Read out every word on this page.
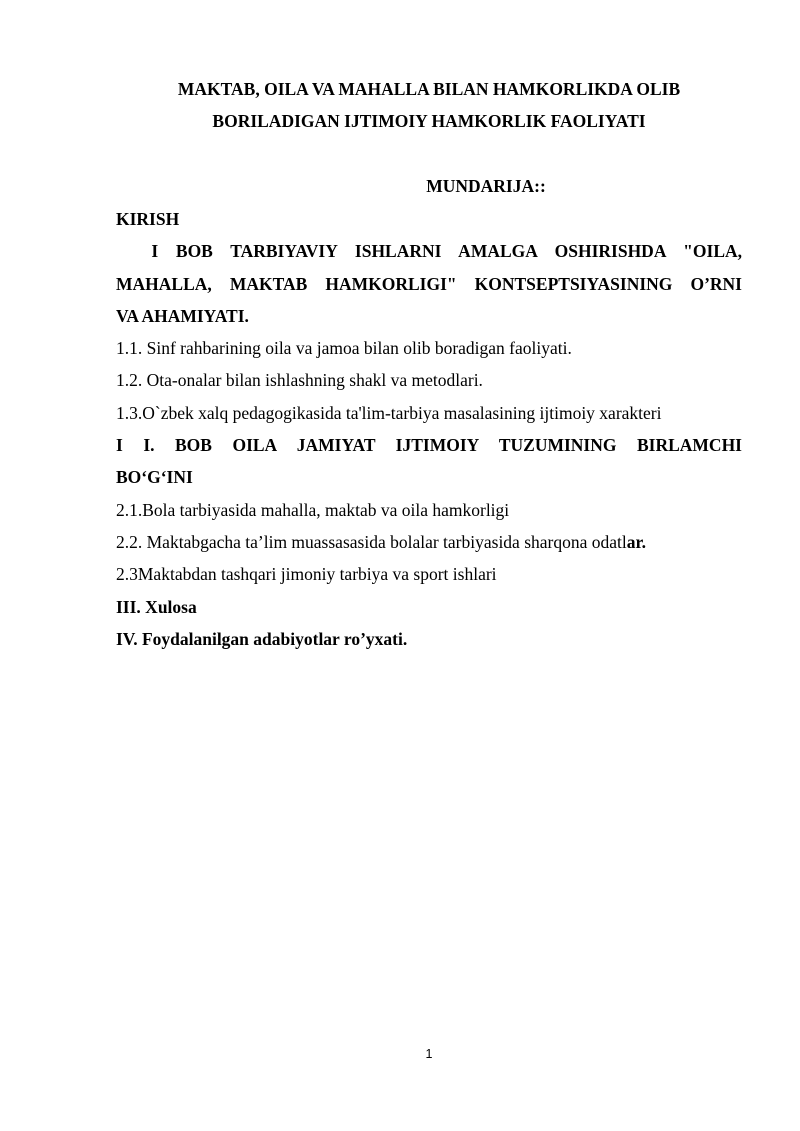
MAKTAB, OILA VA MAHALLA BILAN HAMKORLIKDA OLIB
BORILADIGAN IJTIMOIY HAMKORLIK FAOLIYATI
MUNDARIJA::

KIRISH

I BOB TARBIYAVIY ISHLARNI AMALGA OSHIRISHDA "OILA,
MAHALLA, MAKTAB HAMKORLIGI" KONTSEPTSIYASINING O’RNI
VA AHAMIYATI.

1.1. Sinf rahbarining oila va jamoa bilan olib boradigan faoliyati.

1.2. Ota-onalar bilan ishlashning shakl va metodlari.

1.3.O`zbek xalq pedagogikasida ta'lim-tarbiya masalasining ijtimoiy xarakteri

I I. BOB OILA JAMIYAT IJTIMOIY TUZUMINING BIRLAMCHI
BO‘G‘INI

2.1.Bola tarbiyasida mahalla, maktab va oila hamkorligi

2.2. Maktabgacha ta’lim muassasasida bolalar tarbiyasida sharqona odatlar.

2.3Maktabdan tashqari jimoniy tarbiya va sport ishlari

III. Xulosa

IV. Foydalanilgan adabiyotlar ro’yxati.

1
